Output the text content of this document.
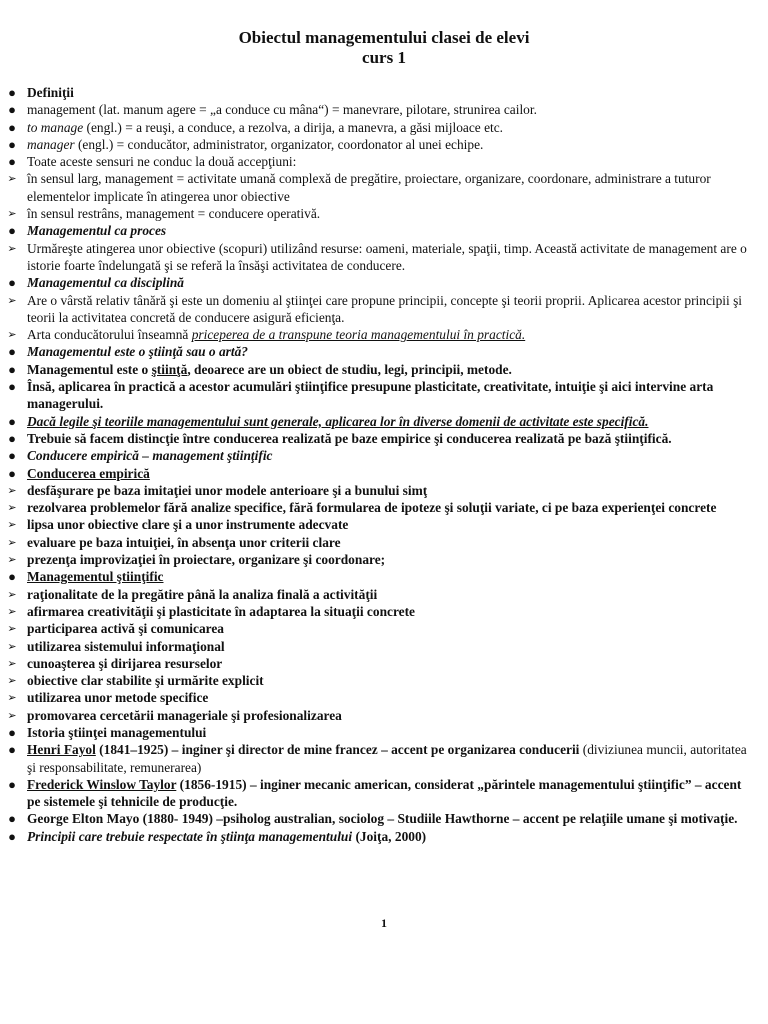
Obiectul managementului clasei de elevi
curs 1
● Definiţii
● management (lat. manum agere = „a conduce cu mâna“) = manevrare, pilotare, strunirea cailor.
● to manage (engl.) = a reuşi, a conduce, a rezolva, a dirija, a manevra, a găsi mijloace etc.
● manager (engl.) = conducător, administrator, organizator, coordonator al unei echipe.
● Toate aceste sensuri ne conduc la două accepţiuni:
➢ în sensul larg, management = activitate umană complexă de pregătire, proiectare, organizare, coordonare, administrare a tuturor elementelor implicate în atingerea unor obiective
➢ în sensul restrâns, management = conducere operativă.
● Managementul ca proces
➢ Urmăreşte atingerea unor obiective (scopuri) utilizând resurse: oameni, materiale, spaţii, timp. Această activitate de management are o istorie foarte îndelungată şi se referă la însăşi activitatea de conducere.
● Managementul ca disciplină
➢ Are o vârstă relativ tânără şi este un domeniu al ştiinţei care propune principii, concepte şi teorii proprii. Aplicarea acestor principii şi teorii la activitatea concretă de conducere asigură eficienţa.
➢ Arta conducătorului înseamnă priceperea de a transpune teoria managementului în practică.
● Managementul este o ştiinţă sau o artă?
● Managementul este o ştiinţă, deoarece are un obiect de studiu, legi, principii, metode.
● Însă, aplicarea în practică a acestor acumulări ştiinţifice presupune plasticitate, creativitate, intuiţie şi aici intervine arta managerului.
● Dacă legile şi teoriile managementului sunt generale, aplicarea lor în diverse domenii de activitate este specifică.
● Trebuie să facem distincţie între conducerea realizată pe baze empirice şi conducerea realizată pe bază ştiinţifică.
● Conducere empirică – management ştiinţific
● Conducerea empirică
➢ desfăşurare pe baza imitaţiei unor modele anterioare şi a bunului simţ
➢ rezolvarea problemelor fără analize specifice, fără formularea de ipoteze şi soluţii variate, ci pe baza experienţei concrete
➢ lipsa unor obiective clare şi a unor instrumente adecvate
➢ evaluare pe baza intuiţiei, în absenţa unor criterii clare
➢ prezenţa improvizaţiei în proiectare, organizare şi coordonare;
● Managementul ştiinţific
➢ raţionalitate de la pregătire până la analiza finală a activităţii
➢ afirmarea creativităţii şi plasticitate în adaptarea la situaţii concrete
➢ participarea activă şi comunicarea
➢ utilizarea sistemului informaţional
➢ cunoaşterea şi dirijarea resurselor
➢ obiective clar stabilite şi urmărite explicit
➢ utilizarea unor metode specifice
➢ promovarea cercetării manageriale şi profesionalizarea
● Istoria ştiinţei managementului
● Henri Fayol (1841–1925) – inginer şi director de mine francez – accent pe organizarea conducerii (diviziunea muncii, autoritatea şi responsabilitate, remunerarea)
● Frederick Winslow Taylor (1856-1915) – inginer mecanic american, considerat „părintele managementului ştiinţific” – accent pe sistemele şi tehnicile de producţie.
● George Elton Mayo (1880- 1949) –psiholog australian, sociolog – Studiile Hawthorne – accent pe relaţiile umane şi motivaţie.
● Principii care trebuie respectate în ştiinţa managementului (Joiţa, 2000)
1
